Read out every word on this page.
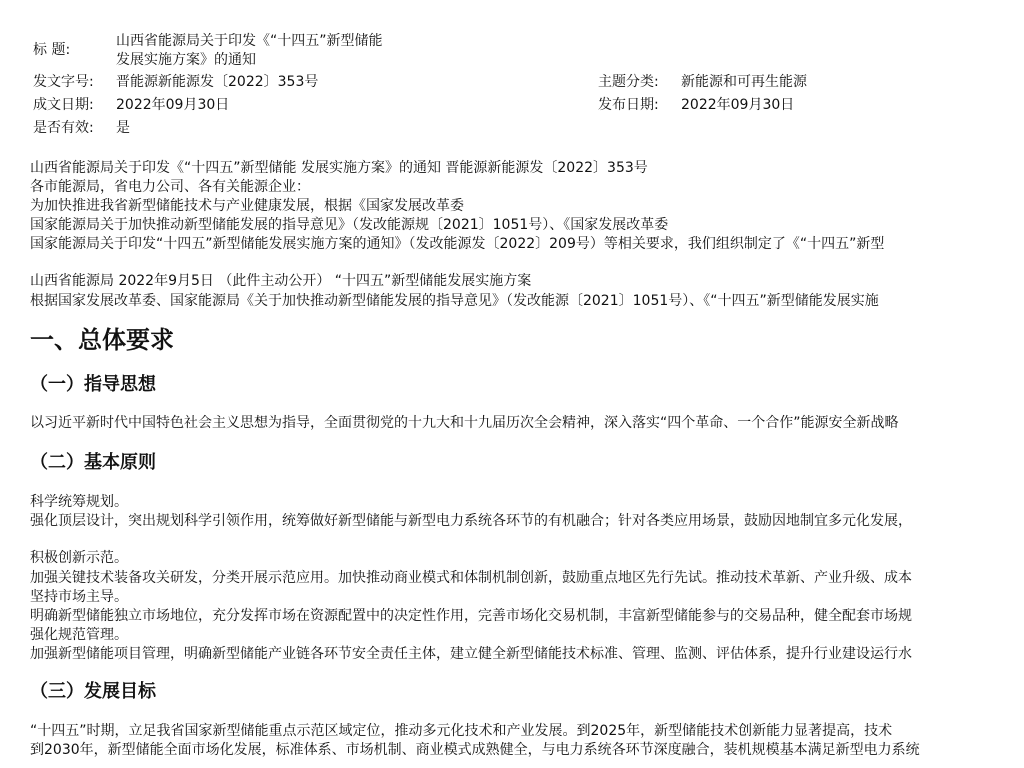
标 题:
山西省能源局关于印发《“十四五”新型储能
发展实施方案》的通知
发文字号: 晋能源新能源发〔2022〕353号	主题分类: 新能源和可再生能源
成文日期: 2022年09月30日	发布日期: 2022年09月30日
是否有效: 是
山西省能源局关于印发《“十四五”新型储能 发展实施方案》的通知 晋能源新能源发〔2022〕353号
各市能源局，省电力公司、各有关能源企业：
为加快推进我省新型储能技术与产业健康发展，根据《国家发展改革委
国家能源局关于加快推动新型储能发展的指导意见》（发改能源规〔2021〕1051号）、《国家发展改革委
国家能源局关于印发“十四五”新型储能发展实施方案的通知》（发改能源发〔2022〕209号）等相关要求，我们组织制定了《“十四五”新型
山西省能源局 2022年9月5日 （此件主动公开） “十四五”新型储能发展实施方案
根据国家发展改革委、国家能源局《关于加快推动新型储能发展的指导意见》（发改能源〔2021〕1051号）、《“十四五”新型储能发展实施
一、总体要求
（一）指导思想
以习近平新时代中国特色社会主义思想为指导，全面贯彻党的十九大和十九届历次全会精神，深入落实“四个革命、一个合作”能源安全新战略
（二）基本原则
科学统筹规划。
强化顶层设计，突出规划科学引领作用，统筹做好新型储能与新型电力系统各环节的有机融合；针对各类应用场景，鼓励因地制宜多元化发展，
积极创新示范。
加强关键技术装备攻关研发，分类开展示范应用。加快推动商业模式和体制机制创新，鼓励重点地区先行先试。推动技术革新、产业升级、成本
坚持市场主导。
明确新型储能独立市场地位，充分发挥市场在资源配置中的决定性作用，完善市场化交易机制，丰富新型储能参与的交易品种，健全配套市场规
强化规范管理。
加强新型储能项目管理，明确新型储能产业链各环节安全责任主体，建立健全新型储能技术标准、管理、监测、评估体系，提升行业建设运行水
（三）发展目标
“十四五”时期，立足我省国家新型储能重点示范区域定位，推动多元化技术和产业发展。到2025年，新型储能技术创新能力显著提高，技术
到2030年，新型储能全面市场化发展，标准体系、市场机制、商业模式成熟健全，与电力系统各环节深度融合，装机规模基本满足新型电力系统
